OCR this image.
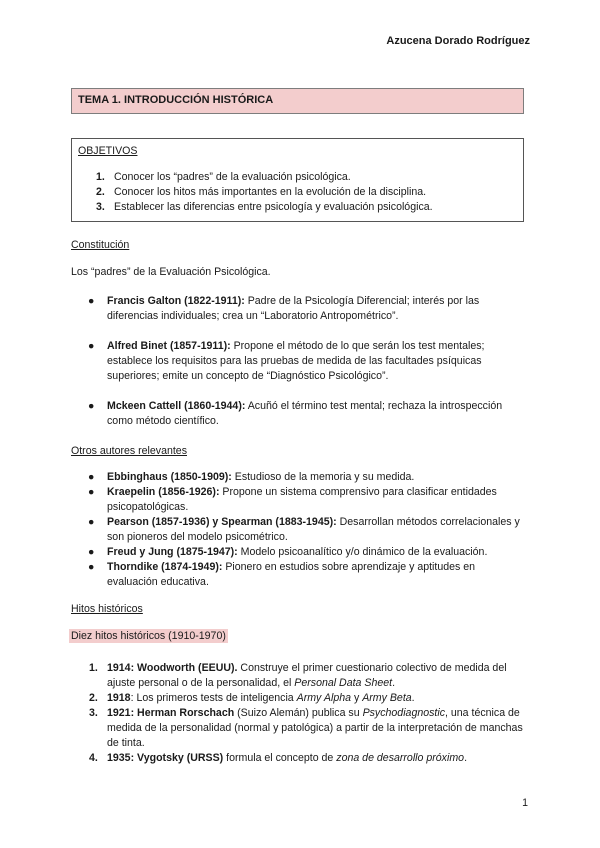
Azucena Dorado Rodríguez
TEMA 1. INTRODUCCIÓN HISTÓRICA
OBJETIVOS
1. Conocer los “padres” de la evaluación psicológica.
2. Conocer los hitos más importantes en la evolución de la disciplina.
3. Establecer las diferencias entre psicología y evaluación psicológica.
Constitución
Los “padres” de la Evaluación Psicológica.
● Francis Galton (1822-1911): Padre de la Psicología Diferencial; interés por las diferencias individuales; crea un “Laboratorio Antropométrico”.
● Alfred Binet (1857-1911): Propone el método de lo que serán los test mentales; establece los requisitos para las pruebas de medida de las facultades psíquicas superiores; emite un concepto de “Diagnóstico Psicológico”.
● Mckeen Cattell (1860-1944): Acuñó el término test mental; rechaza la introspección como método científico.
Otros autores relevantes
● Ebbinghaus (1850-1909): Estudioso de la memoria y su medida.
● Kraepelin (1856-1926): Propone un sistema comprensivo para clasificar entidades psicopatológicas.
● Pearson (1857-1936) y Spearman (1883-1945): Desarrollan métodos correlacionales y son pioneros del modelo psicométrico.
● Freud y Jung (1875-1947): Modelo psicoanalítico y/o dinámico de la evaluación.
● Thorndike (1874-1949): Pionero en estudios sobre aprendizaje y aptitudes en evaluación educativa.
Hitos históricos
Diez hitos históricos (1910-1970)
1. 1914: Woodworth (EEUU). Construye el primer cuestionario colectivo de medida del ajuste personal o de la personalidad, el Personal Data Sheet.
2. 1918: Los primeros tests de inteligencia Army Alpha y Army Beta.
3. 1921: Herman Rorschach (Suizo Alemán) publica su Psychodiagnostic, una técnica de medida de la personalidad (normal y patológica) a partir de la interpretación de manchas de tinta.
4. 1935: Vygotsky (URSS) formula el concepto de zona de desarrollo próximo.
1
